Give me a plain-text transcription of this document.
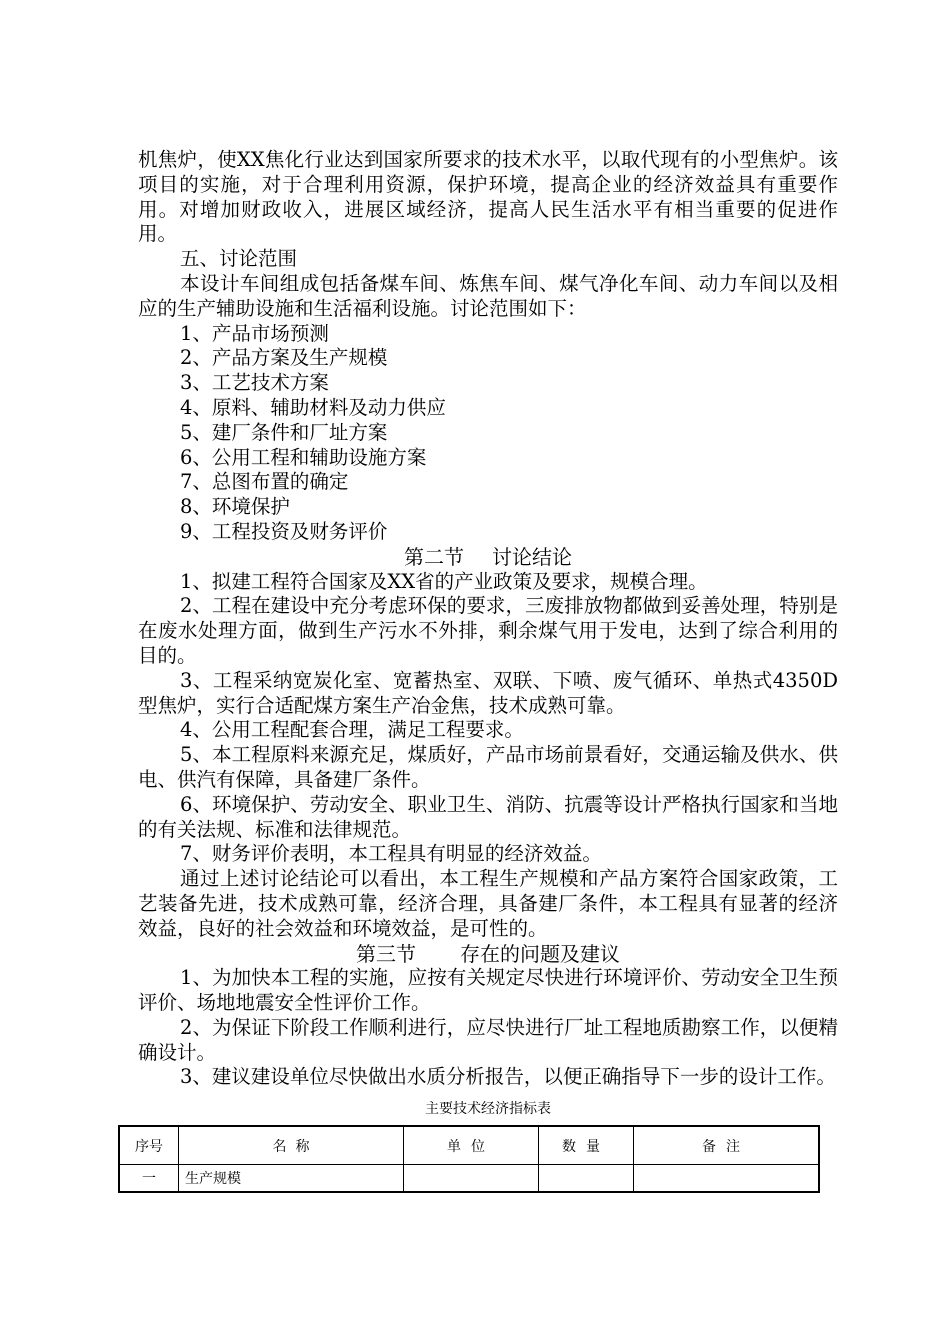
机焦炉，使XX焦化行业达到国家所要求的技术水平，以取代现有的小型焦炉。该项目的实施，对于合理利用资源，保护环境，提高企业的经济效益具有重要作用。对增加财政收入，进展区域经济，提高人民生活水平有相当重要的促进作用。

五、讨论范围

本设计车间组成包括备煤车间、炼焦车间、煤气净化车间、动力车间以及相应的生产辅助设施和生活福利设施。讨论范围如下：

1、产品市场预测

2、产品方案及生产规模

3、工艺技术方案

4、原料、辅助材料及动力供应

5、建厂条件和厂址方案

6、公用工程和辅助设施方案

7、总图布置的确定

8、环境保护

9、工程投资及财务评价

第二节 讨论结论

1、拟建工程符合国家及XX省的产业政策及要求，规模合理。

2、工程在建设中充分考虑环保的要求，三废排放物都做到妥善处理，特别是在废水处理方面，做到生产污水不外排，剩余煤气用于发电，达到了综合利用的目的。

3、工程采纳宽炭化室、宽蓄热室、双联、下喷、废气循环、单热式4350D型焦炉，实行合适配煤方案生产冶金焦，技术成熟可靠。

4、公用工程配套合理，满足工程要求。

5、本工程原料来源充足，煤质好，产品市场前景看好，交通运输及供水、供电、供汽有保障，具备建厂条件。

6、环境保护、劳动安全、职业卫生、消防、抗震等设计严格执行国家和当地的有关法规、标准和法律规范。

7、财务评价表明，本工程具有明显的经济效益。

通过上述讨论结论可以看出，本工程生产规模和产品方案符合国家政策，工艺装备先进，技术成熟可靠，经济合理，具备建厂条件，本工程具有显著的经济效益，良好的社会效益和环境效益，是可性的。

第三节 存在的问题及建议

1、为加快本工程的实施，应按有关规定尽快进行环境评价、劳动安全卫生预评价、场地地震安全性评价工作。

2、为保证下阶段工作顺利进行，应尽快进行厂址工程地质勘察工作，以便精确设计。

3、建议建设单位尽快做出水质分析报告，以便正确指导下一步的设计工作。

主要技术经济指标表
序号	名  称	单位	数量	备注
一	生产规模			
